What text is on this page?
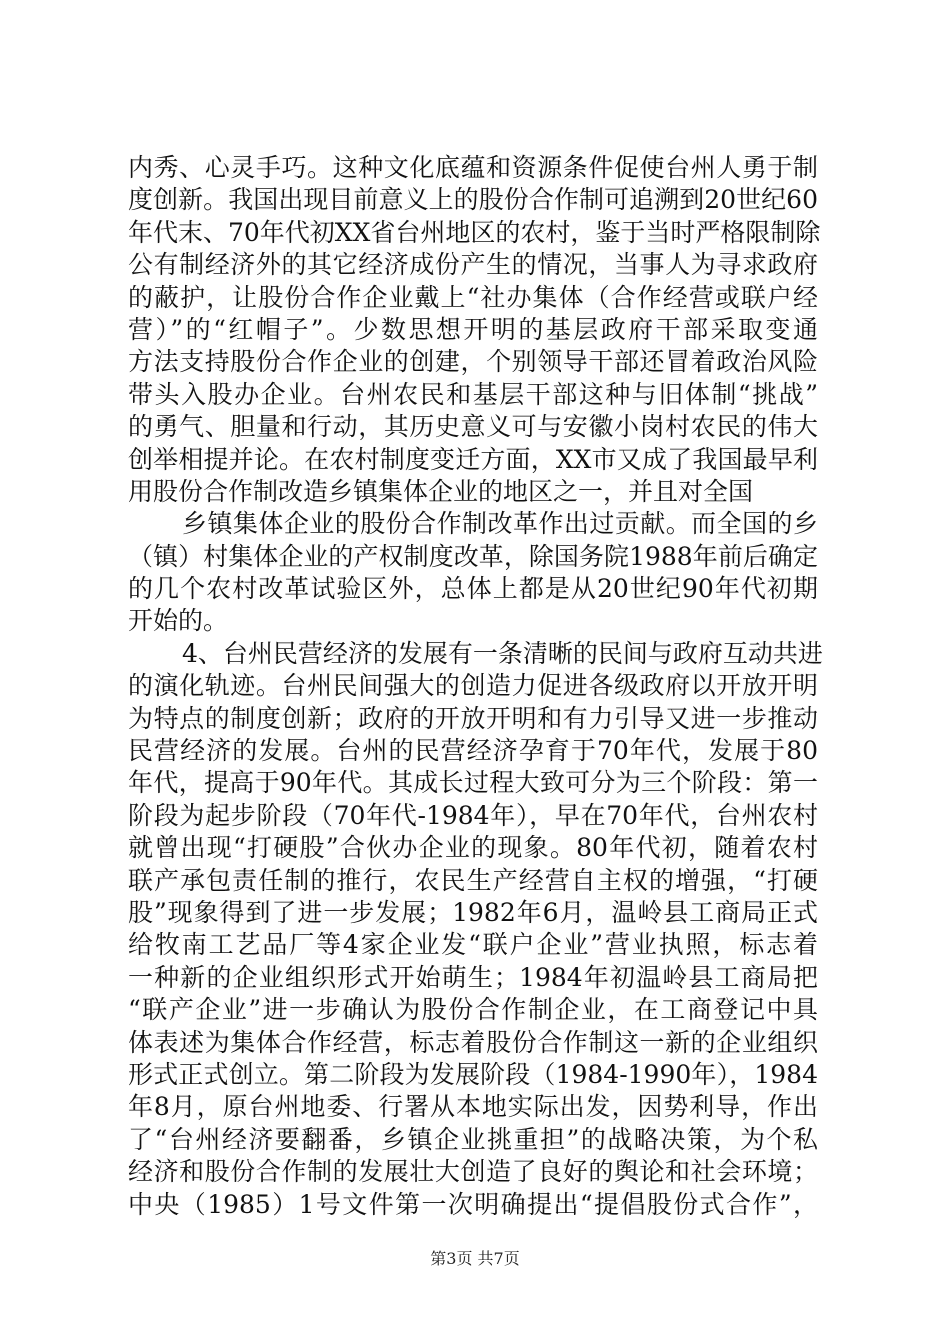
内秀、心灵手巧。这种文化底蕴和资源条件促使台州人勇于制
度创新。我国出现目前意义上的股份合作制可追溯到20世纪60
年代末、70年代初XX省台州地区的农村，鉴于当时严格限制除
公有制经济外的其它经济成份产生的情况，当事人为寻求政府
的蔽护，让股份合作企业戴上“社办集体（合作经营或联户经
营）”的“红帽子”。少数思想开明的基层政府干部采取变通
方法支持股份合作企业的创建，个别领导干部还冒着政治风险
带头入股办企业。台州农民和基层干部这种与旧体制“挑战”
的勇气、胆量和行动，其历史意义可与安徽小岗村农民的伟大
创举相提并论。在农村制度变迁方面，XX市又成了我国最早利
用股份合作制改造乡镇集体企业的地区之一，并且对全国
乡镇集体企业的股份合作制改革作出过贡献。而全国的乡
（镇）村集体企业的产权制度改革，除国务院1988年前后确定
的几个农村改革试验区外，总体上都是从20世纪90年代初期
开始的。
4、台州民营经济的发展有一条清晰的民间与政府互动共进
的演化轨迹。台州民间强大的创造力促进各级政府以开放开明
为特点的制度创新；政府的开放开明和有力引导又进一步推动
民营经济的发展。台州的民营经济孕育于70年代，发展于80
年代，提高于90年代。其成长过程大致可分为三个阶段：第一
阶段为起步阶段（70年代-1984年），早在70年代，台州农村
就曾出现“打硬股”合伙办企业的现象。80年代初，随着农村
联产承包责任制的推行，农民生产经营自主权的增强，“打硬
股”现象得到了进一步发展；1982年6月，温岭县工商局正式
给牧南工艺品厂等4家企业发“联户企业”营业执照，标志着
一种新的企业组织形式开始萌生；1984年初温岭县工商局把
“联产企业”进一步确认为股份合作制企业，在工商登记中具
体表述为集体合作经营，标志着股份合作制这一新的企业组织
形式正式创立。第二阶段为发展阶段（1984-1990年），1984
年8月，原台州地委、行署从本地实际出发，因势利导，作出
了“台州经济要翻番，乡镇企业挑重担”的战略决策，为个私
经济和股份合作制的发展壮大创造了良好的舆论和社会环境；
中央（1985）1号文件第一次明确提出“提倡股份式合作”，
第3页 共7页
